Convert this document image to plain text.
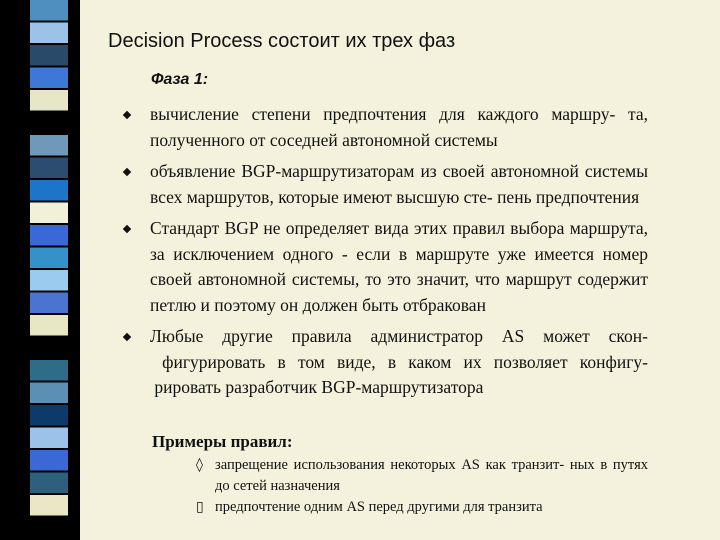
Decision Process состоит их трех фаз
Фаза 1:
вычисление степени предпочтения для каждого маршру- та, полученного от соседней автономной системы
объявление BGP-маршрутизаторам из своей автономной системы всех маршрутов, которые имеют высшую сте- пень предпочтения
Стандарт BGP не определяет вида этих правил выбора маршрута, за исключением одного - если в маршруте уже имеется номер своей автономной системы, то это значит, что маршрут содержит петлю и поэтому он должен быть отбракован
Любые другие правила администратор AS может скон- фигурировать в том виде, в каком их позволяет конфигу- рировать разработчик BGP-маршрутизатора
Примеры правил:
◊ запрещение использования некоторых AS как транзит- ных в путях до сетей назначения
▯ предпочтение одним AS перед другими для транзита
